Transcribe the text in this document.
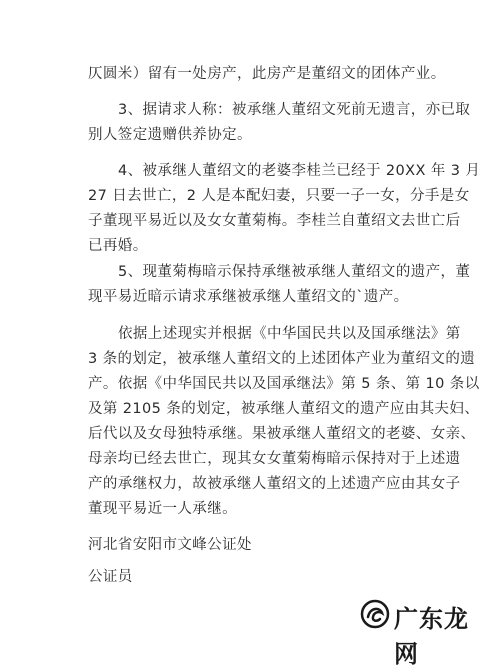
仄圆米）留有一处房产，此房产是董绍文的团体产业。
3、据请求人称：被承继人董绍文死前无遗言，亦已取
别人签定遗赠供养协定。
4、被承继人董绍文的老婆李桂兰已经于 20XX 年 3 月
27 日去世亡，2 人是本配妇妻，只要一子一女，分手是女
子董现平易近以及女女董菊梅。李桂兰自董绍文去世亡后
已再婚。
5、现董菊梅暗示保持承继被承继人董绍文的遗产，董
现平易近暗示请求承继被承继人董绍文的`遗产。
依据上述现实并根据《中华国民共以及国承继法》第
3 条的划定，被承继人董绍文的上述团体产业为董绍文的遗
产。依据《中华国民共以及国承继法》第 5 条、第 10 条以
及第 2105 条的划定，被承继人董绍文的遗产应由其夫妇、
后代以及女母独特承继。果被承继人董绍文的老婆、女亲、
母亲均已经去世亡，现其女女董菊梅暗示保持对于上述遗
产的承继权力，故被承继人董绍文的上述遗产应由其女子
董现平易近一人承继。
河北省安阳市文峰公证处
公证员
广东龙网
